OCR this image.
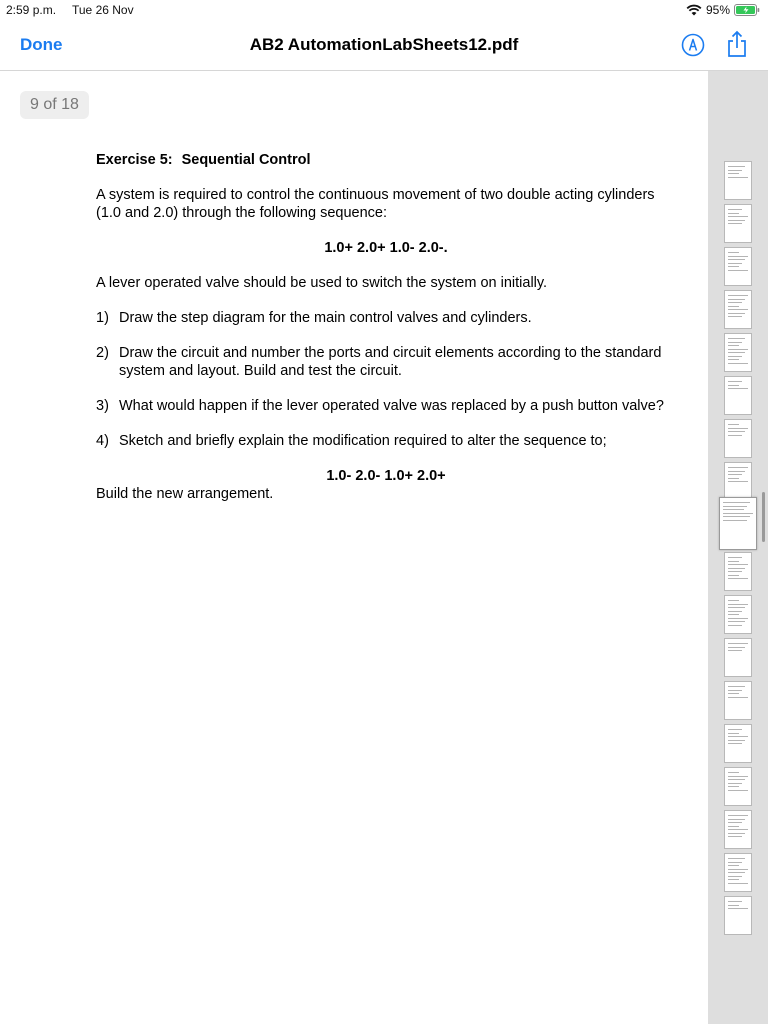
2:59 p.m. Tue 26 Nov	95%
Done	AB2 AutomationLabSheets12.pdf
9 of 18
Exercise 5: Sequential Control
A system is required to control the continuous movement of two double acting cylinders (1.0 and 2.0) through the following sequence:
1.0+ 2.0+ 1.0- 2.0-.
A lever operated valve should be used to switch the system on initially.
1) Draw the step diagram for the main control valves and cylinders.
2) Draw the circuit and number the ports and circuit elements according to the standard system and layout. Build and test the circuit.
3) What would happen if the lever operated valve was replaced by a push button valve?
4) Sketch and briefly explain the modification required to alter the sequence to;
1.0- 2.0- 1.0+ 2.0+
Build the new arrangement.
